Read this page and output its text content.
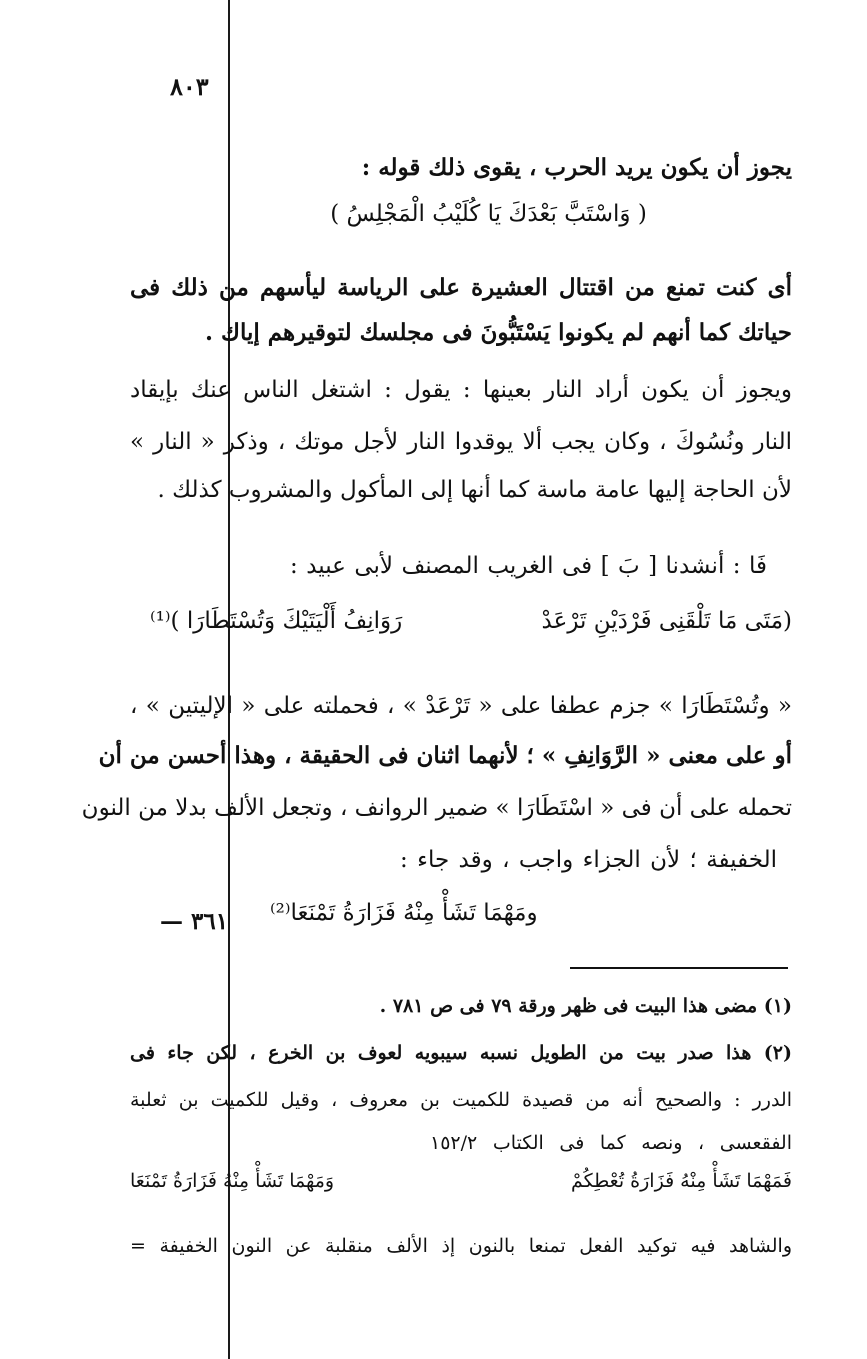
٨٠٣
يجوز أن يكون يريد الحرب ، يقوى ذلك قوله :
( وَاسْتَبَّ بَعْدَكَ يَا كُلَيْبُ الْمَجْلِسُ )
أى كنت تمنع من اقتتال العشيرة على الرياسة ليأسهم من ذلك فى
حياتك كما أنهم لم يكونوا يَسْتَبُّونَ فى مجلسك لتوقيرهم إياك .
ويجوز أن يكون أراد النار بعينها : يقول : اشتغل الناس عنك بإيقاد
النار ونُسُوكَ ، وكان يجب ألا يوقدوا النار لأجل موتك ، وذكر « النار »
لأن الحاجة إليها عامة ماسة كما أنها إلى المأكول والمشروب كذلك .
فَا : أنشدنا [ بَ ] فى الغريب المصنف لأبى عبيد :
(مَتَى مَا تَلْقَنِى فَرْدَيْنِ تَرْعَدْ
رَوَانِفُ أَلْيَتَيْكَ وَتُسْتَطَارَا )⁽¹⁾
« وتُسْتَطَارَا » جزم عطفا على « تَرْعَدْ » ، فحملته على « الإليتين » ،
أو على معنى « الرَّوَانِفِ » ؛ لأنهما اثنان فى الحقيقة ، وهذا أحسن من أن
تحمله على أن فى « اسْتَطَارَا » ضمير الروانف ، وتجعل الألف بدلا من النون
الخفيفة ؛ لأن الجزاء واجب ، وقد جاء :
ومَهْمَا تَشَأْ مِنْهُ فَزَارَةُ تَمْنَعَا⁽²⁾
٣٦١ —
(١) مضى هذا البيت فى ظهر ورقة ٧٩ فى ص ٧٨١ .
(٢) هذا صدر بيت من الطويل نسبه سيبويه لعوف بن الخرع ، لكن جاء فى
الدرر : والصحيح أنه من قصيدة للكميت بن معروف ، وقيل للكميت بن ثعلبة
الفقعسى ، ونصه كما فى الكتاب ١٥٢/٢
فَمَهْمَا تَشَأْ مِنْهُ فَزَارَةُ تُعْطِكُمْ
وَمَهْمَا تَشَأْ مِنْهُ فَزَارَةُ تَمْنَعَا
والشاهد فيه توكيد الفعل تمنعا بالنون إذ الألف منقلبة عن النون الخفيفة =
